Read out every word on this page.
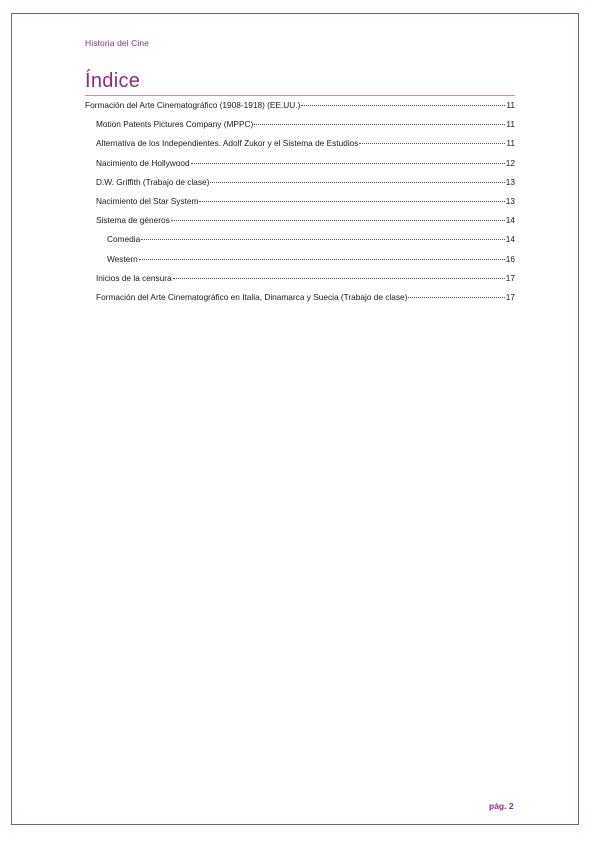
Historia del Cine
Índice
Formación del Arte Cinematográfico (1908-1918) (EE.UU.)	11
Motion Patents Pictures Company (MPPC)	11
Alternativa de los Independientes. Adolf Zukor y el Sistema de Estudios	11
Nacimiento de Hollywood	12
D.W. Griffith (Trabajo de clase)	13
Nacimiento del Star System	13
Sistema de géneros	14
Comedia	14
Western	16
Inicios de la censura	17
Formación del Arte Cinematográfico en Italia, Dinamarca y Suecia (Trabajo de clase)	17
pág. 2
